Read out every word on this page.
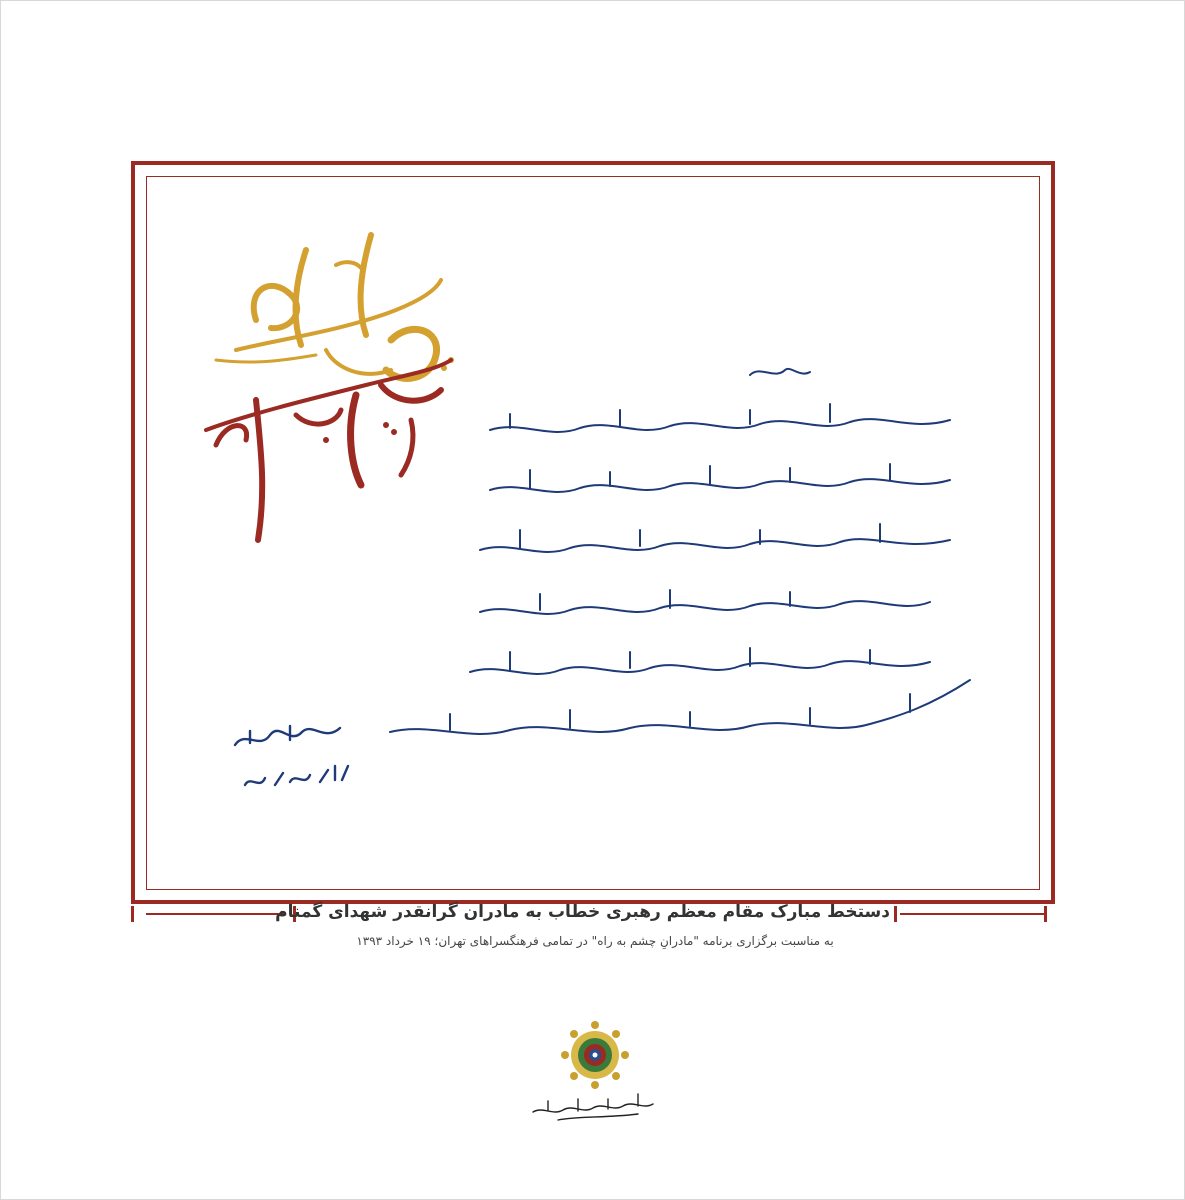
دستخط مبارک مقام معظم رهبری خطاب به مادران گرانقدر شهدای گمنام
به مناسبت برگزاری برنامه "مادرانِ چشم به راه" در تمامی فرهنگسراهای تهران؛ ۱۹ خرداد ۱۳۹۳
